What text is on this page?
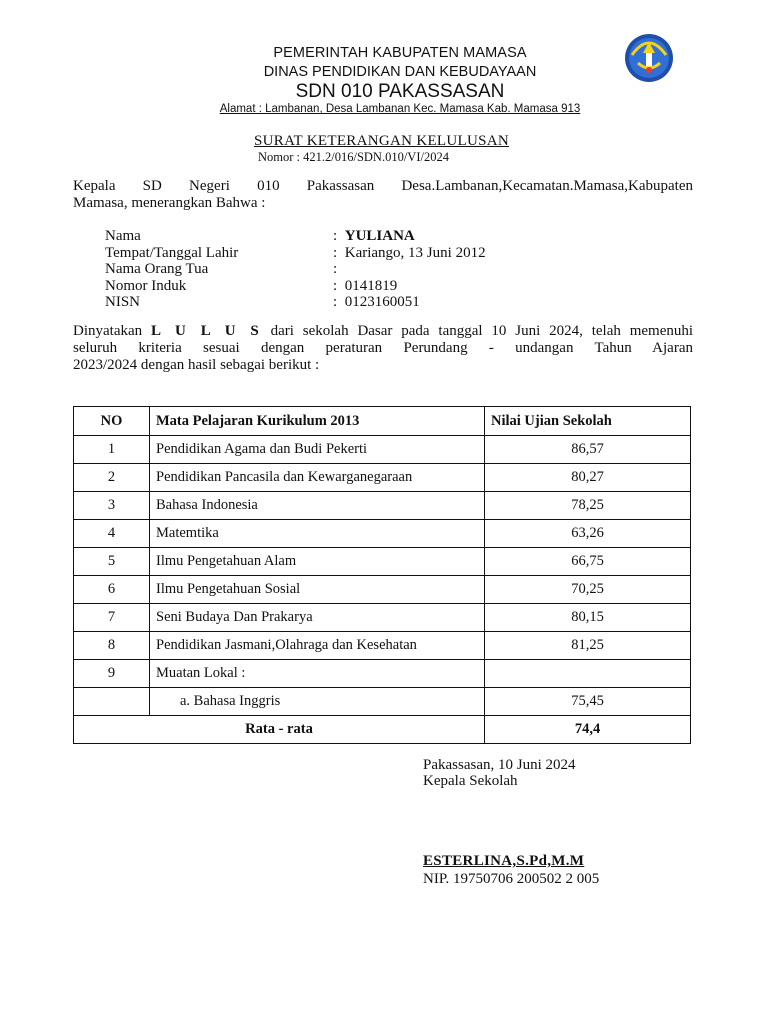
PEMERINTAH KABUPATEN MAMASA
DINAS PENDIDIKAN DAN KEBUDAYAAN
SDN 010 PAKASSASAN
Alamat : Lambanan, Desa Lambanan Kec. Mamasa Kab. Mamasa 913
SURAT KETERANGAN KELULUSAN
Nomor : 421.2/016/SDN.010/VI/2024
Kepala SD Negeri 010 Pakassasan Desa.Lambanan,Kecamatan.Mamasa,Kabupaten
Mamasa, menerangkan Bahwa :
Nama	: YULIANA
Tempat/Tanggal Lahir	: Kariango, 13 Juni 2012
Nama Orang Tua	:
Nomor Induk	: 0141819
NISN	: 0123160051
Dinyatakan L U L U S dari sekolah Dasar pada tanggal 10 Juni 2024, telah memenuhi
seluruh kriteria sesuai dengan peraturan Perundang - undangan Tahun Ajaran
2023/2024 dengan hasil sebagai berikut :
NO	Mata Pelajaran Kurikulum 2013	Nilai Ujian Sekolah
1	Pendidikan Agama dan Budi Pekerti	86,57
2	Pendidikan Pancasila dan Kewarganegaraan	80,27
3	Bahasa Indonesia	78,25
4	Matemtika	63,26
5	Ilmu Pengetahuan Alam	66,75
6	Ilmu Pengetahuan Sosial	70,25
7	Seni Budaya Dan Prakarya	80,15
8	Pendidikan Jasmani,Olahraga dan Kesehatan	81,25
9	Muatan Lokal :	
	a. Bahasa Inggris	75,45
Rata - rata		74,4
Pakassasan, 10 Juni 2024
Kepala Sekolah
ESTERLINA,S.Pd,M.M
NIP. 19750706 200502 2 005
